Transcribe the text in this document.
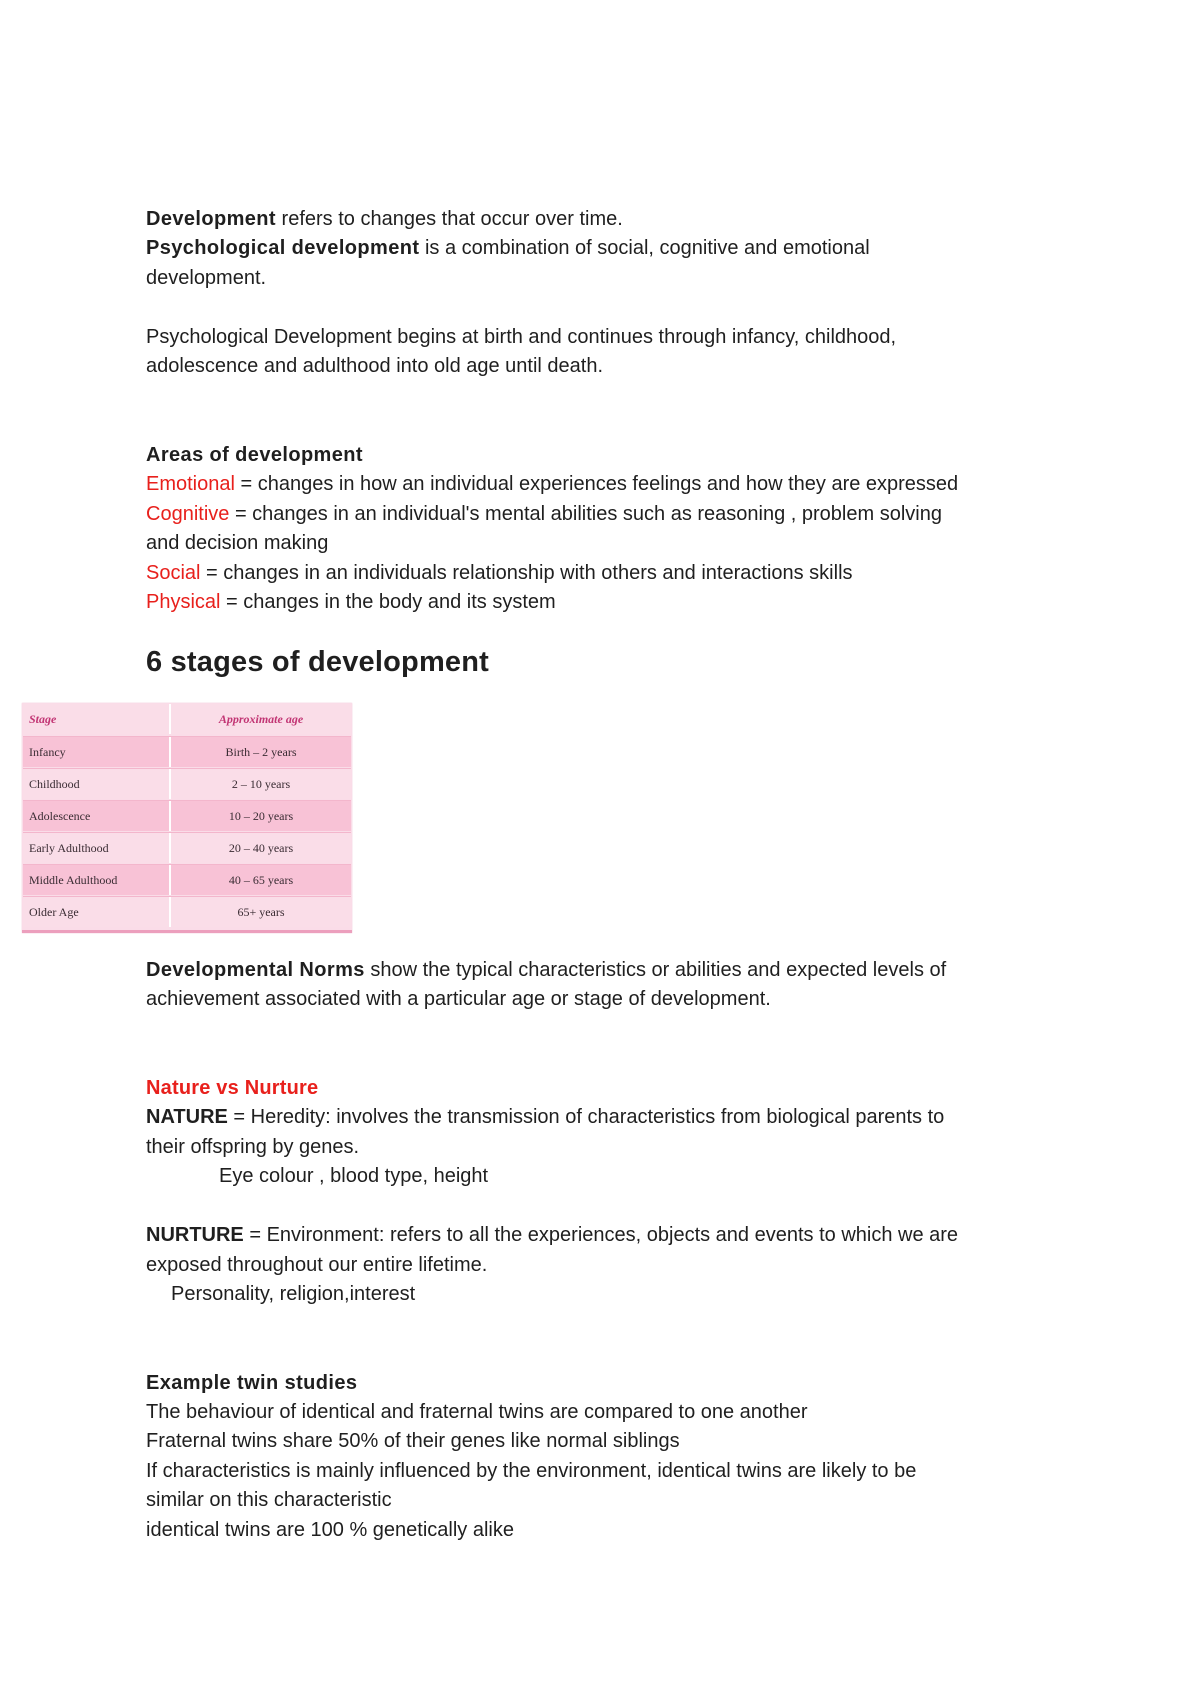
Development refers to changes that occur over time.

Psychological development is a combination of social, cognitive and emotional

development.

Psychological Development begins at birth and continues through infancy, childhood,

adolescence and adulthood into old age until death.

Areas of development

Emotional = changes in how an individual experiences feelings and how they are expressed

Cognitive = changes in an individual's mental abilities such as reasoning , problem solving

and decision making

Social = changes in an individuals relationship with others and interactions skills

Physical = changes in the body and its system

6 stages of development
Stage	Approximate age
Infancy	Birth – 2 years
Childhood	2 – 10 years
Adolescence	10 – 20 years
Early Adulthood	20 – 40 years
Middle Adulthood	40 – 65 years
Older Age	65+ years

Developmental Norms show the typical characteristics or abilities and expected levels of

achievement associated with a particular age or stage of development.

Nature vs Nurture

NATURE = Heredity: involves the transmission of characteristics from biological parents to

their offspring by genes.

Eye colour , blood type, height

NURTURE = Environment: refers to all the experiences, objects and events to which we are

exposed throughout our entire lifetime.

Personality, religion,interest

Example twin studies

The behaviour of identical and fraternal twins are compared to one another

Fraternal twins share 50% of their genes like normal siblings

If characteristics is mainly influenced by the environment, identical twins are likely to be

similar on this characteristic

identical twins are 100 % genetically alike
